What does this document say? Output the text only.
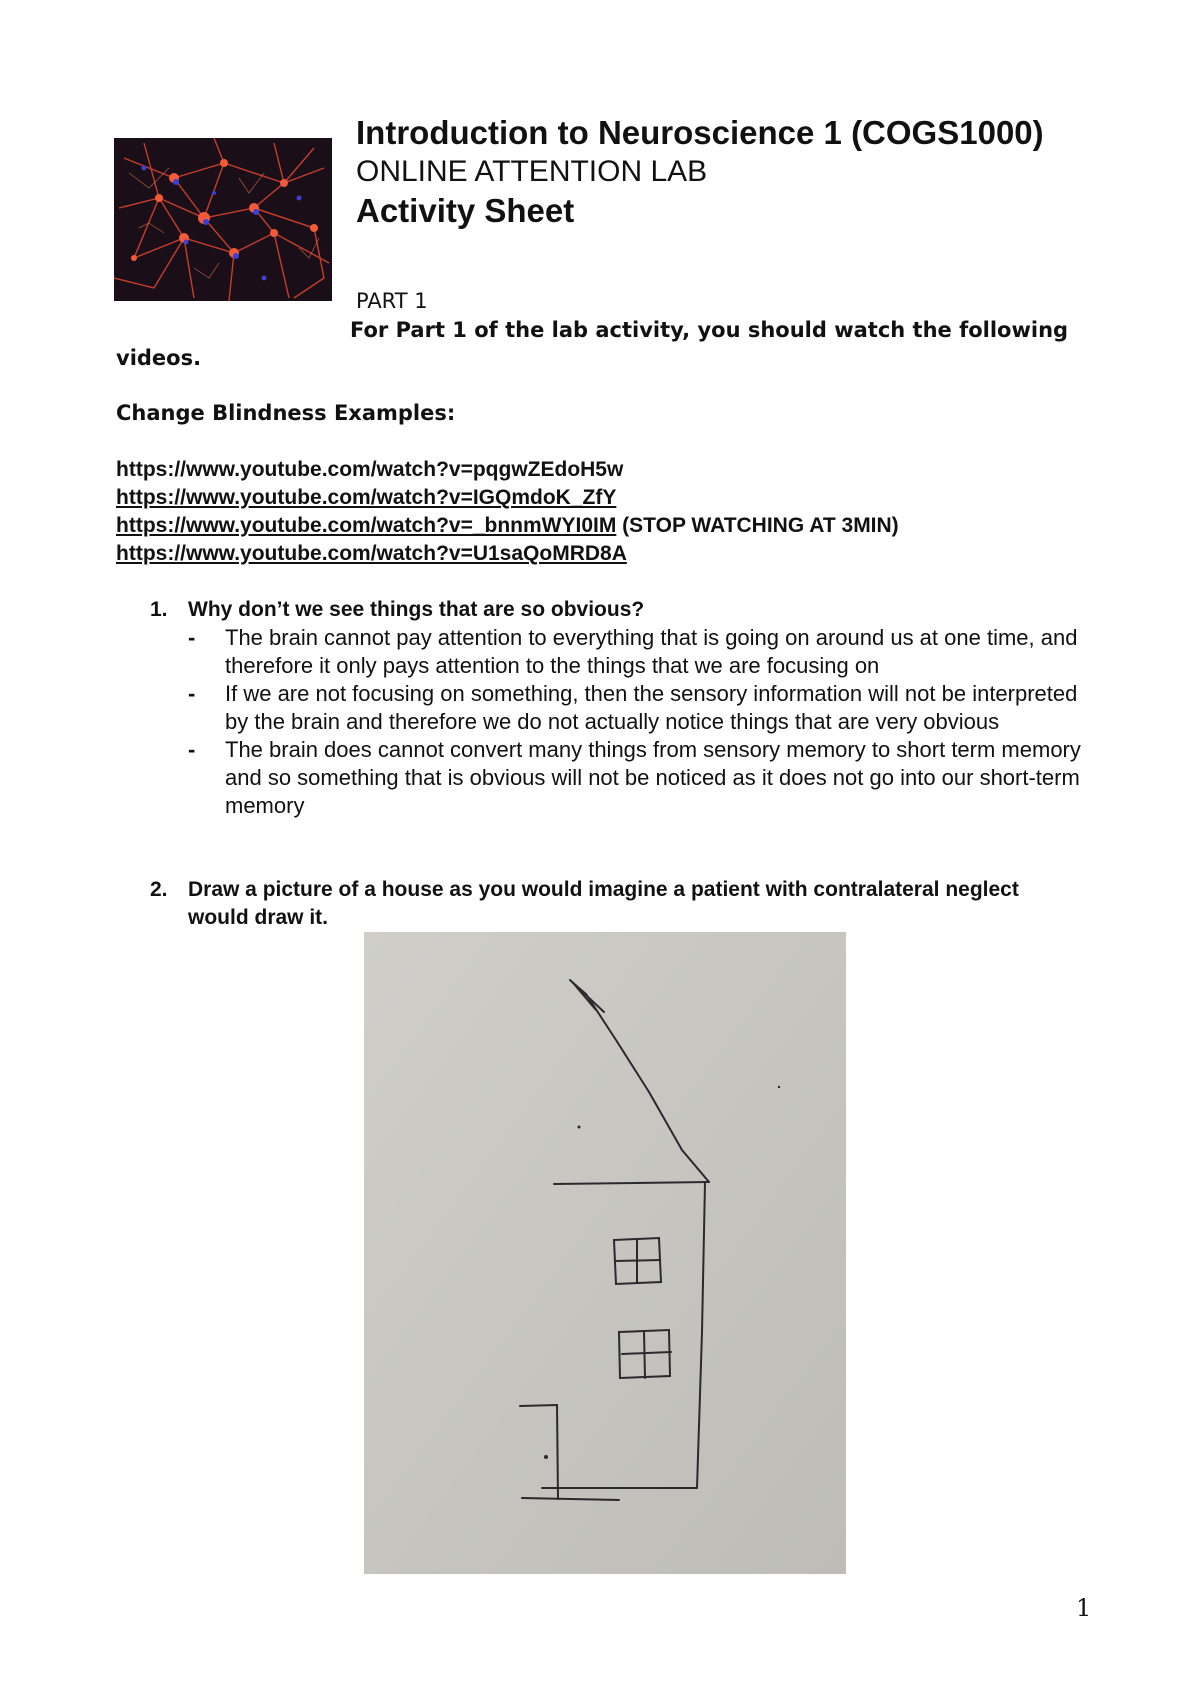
Introduction to Neuroscience 1 (COGS1000)
ONLINE ATTENTION LAB
Activity Sheet
PART 1

For Part 1 of the lab activity, you should watch the following videos.

Change Blindness Examples:
https://www.youtube.com/watch?v=pqgwZEdoH5w
https://www.youtube.com/watch?v=IGQmdoK_ZfY
https://www.youtube.com/watch?v=_bnnmWYI0IM (STOP WATCHING AT 3MIN)
https://www.youtube.com/watch?v=U1saQoMRD8A
1. Why don’t we see things that are so obvious?
- The brain cannot pay attention to everything that is going on around us at one time, and therefore it only pays attention to the things that we are focusing on
- If we are not focusing on something, then the sensory information will not be interpreted by the brain and therefore we do not actually notice things that are very obvious
- The brain does cannot convert many things from sensory memory to short term memory and so something that is obvious will not be noticed as it does not go into our short-term memory
2. Draw a picture of a house as you would imagine a patient with contralateral neglect would draw it.
1
